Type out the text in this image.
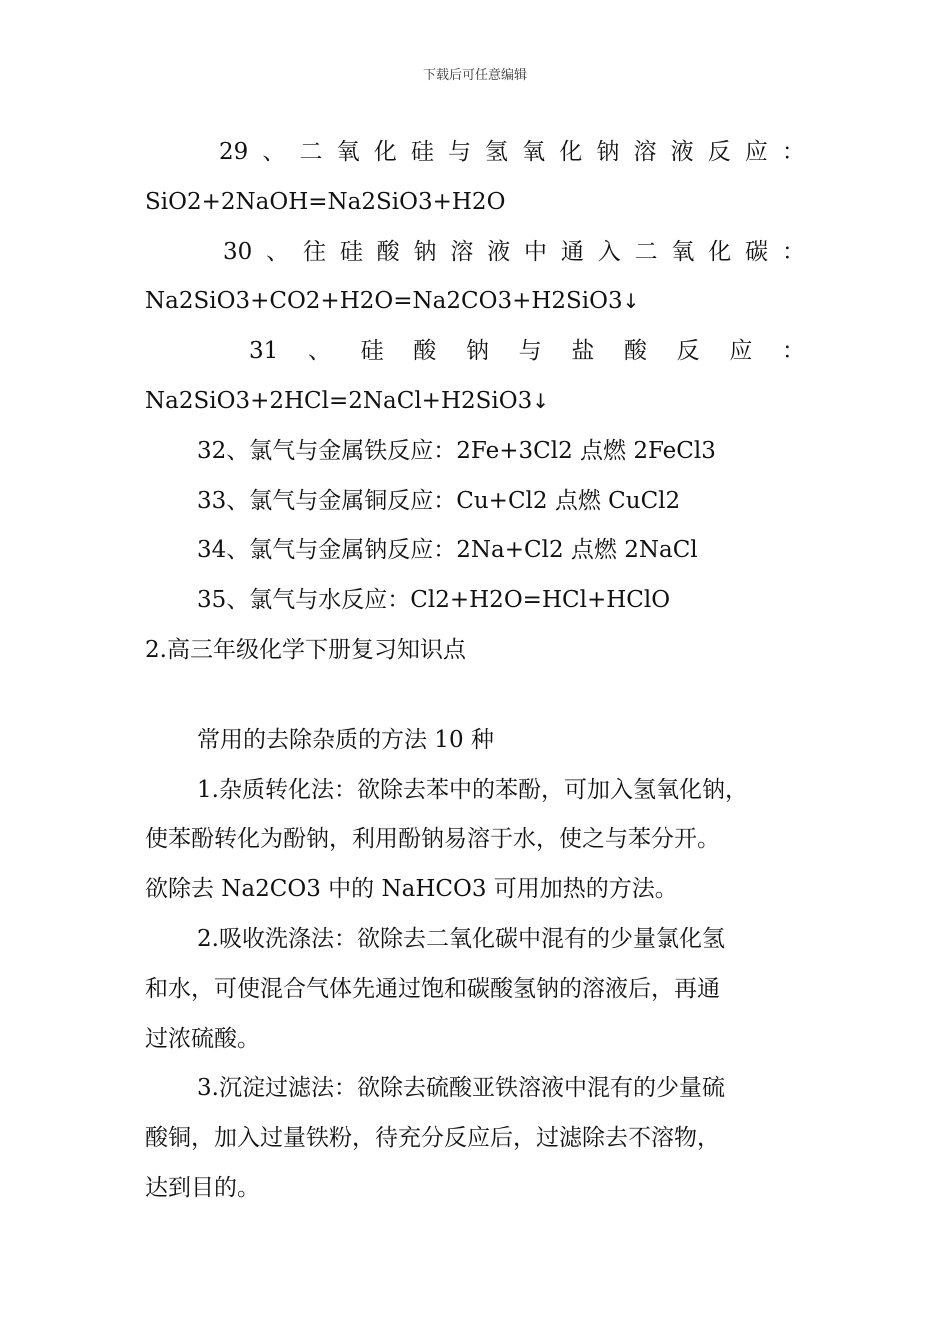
下载后可任意编辑
29 、 二 氧 化 硅 与 氢 氧 化 钠 溶 液 反 应 ：
SiO2+2NaOH=Na2SiO3+H2O
30 、 往 硅 酸 钠 溶 液 中 通 入 二 氧 化 碳 ：
Na2SiO3+CO2+H2O=Na2CO3+H2SiO3↓
31 、 硅 酸 钠 与 盐 酸 反 应 ：
Na2SiO3+2HCl=2NaCl+H2SiO3↓
32、氯气与金属铁反应：2Fe+3Cl2 点燃 2FeCl3
33、氯气与金属铜反应：Cu+Cl2 点燃 CuCl2
34、氯气与金属钠反应：2Na+Cl2 点燃 2NaCl
35、氯气与水反应：Cl2+H2O=HCl+HClO
2.高三年级化学下册复习知识点
常用的去除杂质的方法 10 种
1.杂质转化法：欲除去苯中的苯酚，可加入氢氧化钠，
使苯酚转化为酚钠，利用酚钠易溶于水，使之与苯分开。
欲除去 Na2CO3 中的 NaHCO3 可用加热的方法。
2.吸收洗涤法：欲除去二氧化碳中混有的少量氯化氢
和水，可使混合气体先通过饱和碳酸氢钠的溶液后，再通
过浓硫酸。
3.沉淀过滤法：欲除去硫酸亚铁溶液中混有的少量硫
酸铜，加入过量铁粉，待充分反应后，过滤除去不溶物，
达到目的。
